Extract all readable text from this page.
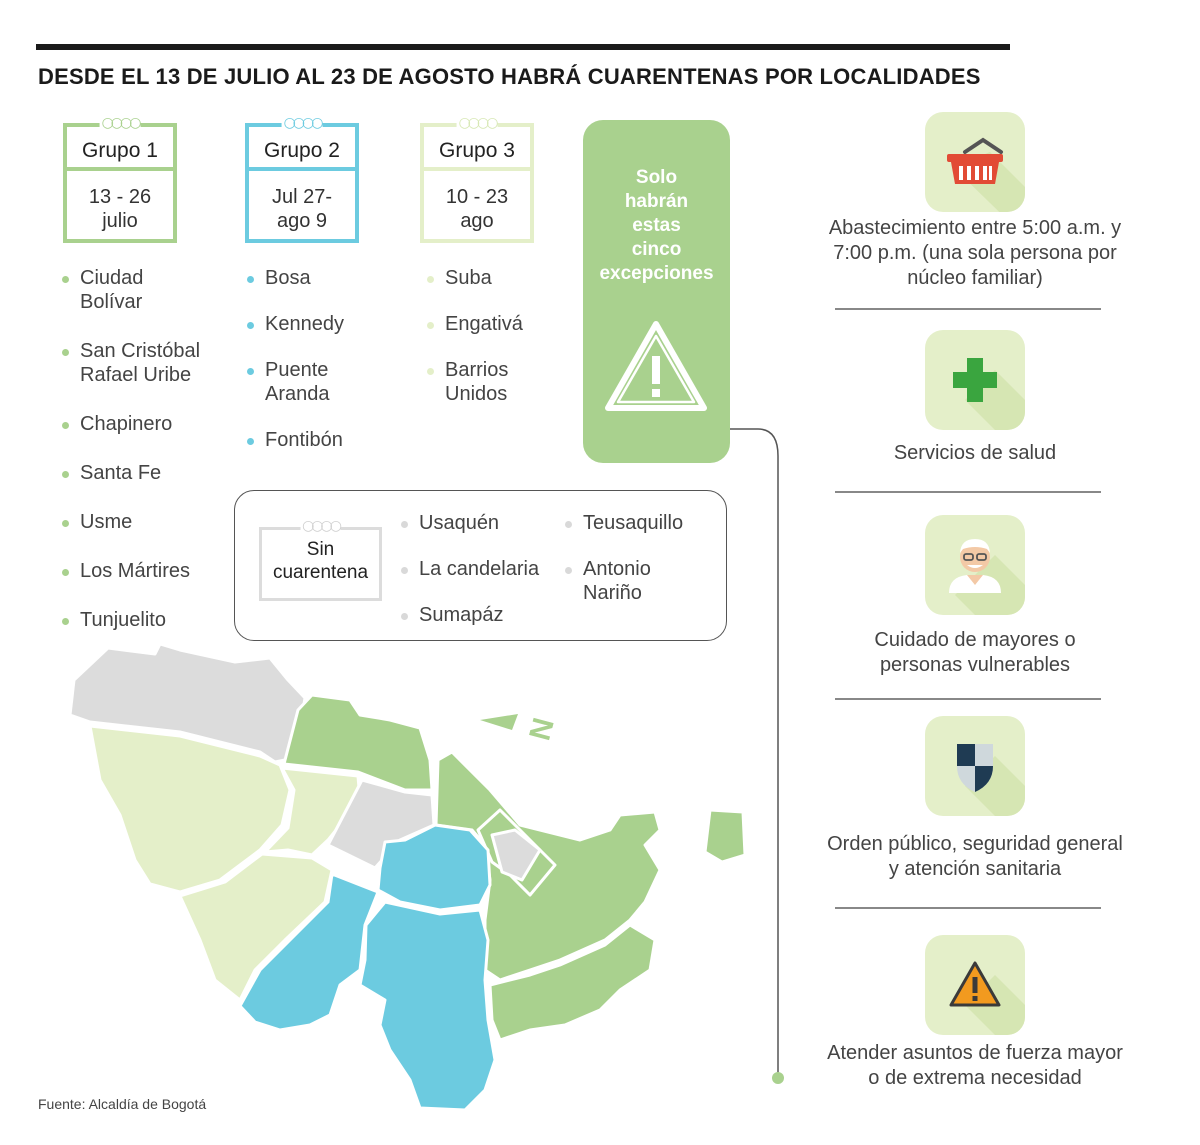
DESDE EL 13 DE JULIO AL 23 DE AGOSTO HABRÁ CUARENTENAS POR LOCALIDADES
○○○○
Grupo 1
13 - 26
julio
Ciudad
Bolívar
San Cristóbal
Rafael Uribe
Chapinero
Santa Fe
Usme
Los Mártires
Tunjuelito
○○○○
Grupo 2
Jul 27-
ago 9
Bosa
Kennedy
Puente
Aranda
Fontibón
○○○○
Grupo 3
10 - 23
ago
Suba
Engativá
Barrios
Unidos
Solo
habrán
estas
cinco
excepciones
○○○○
Sin
cuarentena
Usaquén
La candelaria
Sumapáz
Teusaquillo
Antonio
Nariño
N
Fuente: Alcaldía de Bogotá
Abastecimiento entre 5:00 a.m. y
7:00 p.m. (una sola persona por
núcleo familiar)
Servicios de salud
Cuidado de mayores o
personas vulnerables
Orden público, seguridad general
y atención sanitaria
Atender asuntos de fuerza mayor
o de extrema necesidad
